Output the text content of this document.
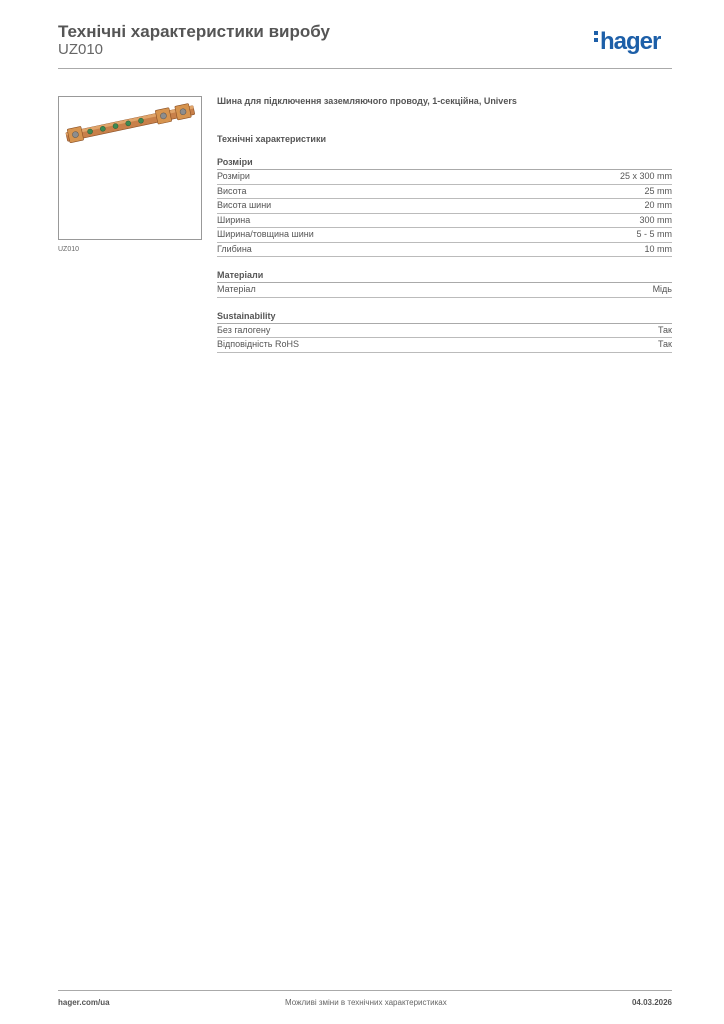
Технічні характеристики виробу
UZ010	hager
UZ010

Шина для підключення заземляючого проводу, 1-секційна, Univers

Технічні характеристики

Розміри
Розміри	25 x 300 mm
Висота	25 mm
Висота шини	20 mm
Ширина	300 mm
Ширина/товщина шини	5 - 5 mm
Глибина	10 mm
Матеріали
Матеріал	Мідь
Sustainability
Без галогену	Так
Відповідність RoHS	Так
hager.com/ua	Можливі зміни в технічних характеристиках	04.03.2026
